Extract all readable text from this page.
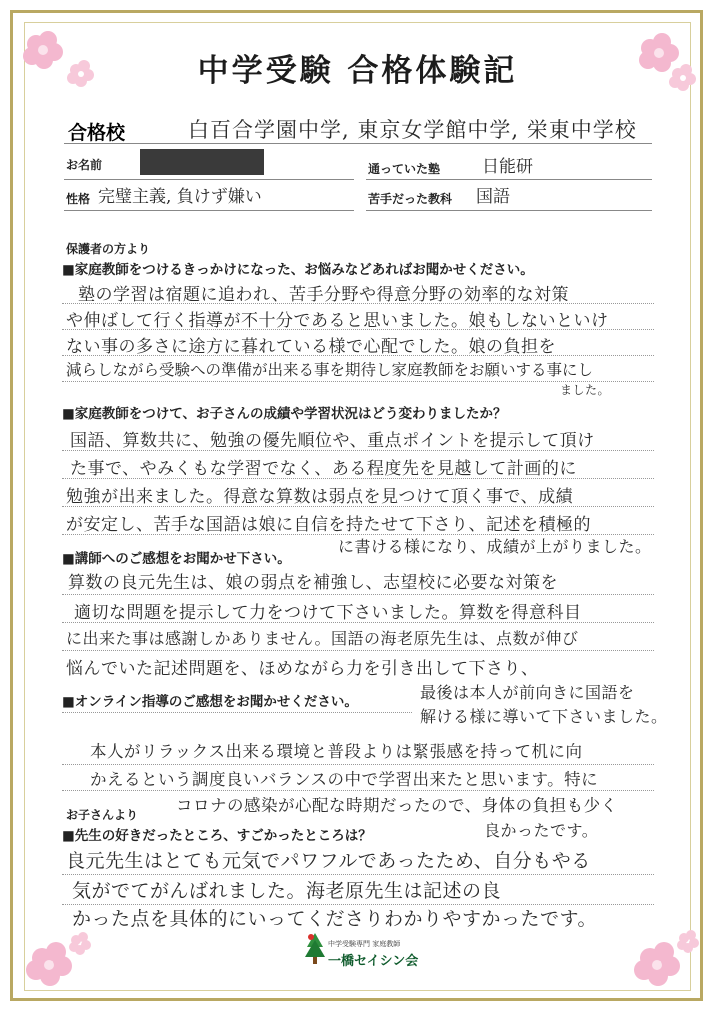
中学受験 合格体験記
合格校	白百合学園中学, 東京女学館中学, 栄東中学校
お名前	通っていた塾 日能研
性格 完璧主義, 負けず嫌い	苦手だった教科 国語
保護者の方より
■家庭教師をつけるきっかけになった、お悩みなどあればお聞かせください。
塾の学習は宿題に追われ、苦手分野や得意分野の効率的な対策
や伸ばして行く指導が不十分であると思いました。娘もしないといけ
ない事の多さに途方に暮れている様で心配でした。娘の負担を
減らしながら受験への準備が出来る事を期待し家庭教師をお願いする事にし
ました。
■家庭教師をつけて、お子さんの成績や学習状況はどう変わりましたか？
国語、算数共に、勉強の優先順位や、重点ポイントを提示して頂け
た事で、やみくもな学習でなく、ある程度先を見越して計画的に
勉強が出来ました。得意な算数は弱点を見つけて頂く事で、成績
が安定し、苦手な国語は娘に自信を持たせて下さり、記述を積極的
に書ける様になり、成績が上がりました。
■講師へのご感想をお聞かせ下さい。
算数の良元先生は、娘の弱点を補強し、志望校に必要な対策を
適切な問題を提示して力をつけて下さいました。算数を得意科目
に出来た事は感謝しかありません。国語の海老原先生は、点数が伸び
悩んでいた記述問題を、ほめながら力を引き出して下さり、
最後は本人が前向きに国語を
解ける様に導いて下さいました。
■オンライン指導のご感想をお聞かせください。
本人がリラックス出来る環境と普段よりは緊張感を持って机に向
かえるという調度良いバランスの中で学習出来たと思います。特に
コロナの感染が心配な時期だったので、身体の負担も少く
良かったです。
お子さんより
■先生の好きだったところ、すごかったところは？
良元先生はとても元気でパワフルであったため、自分もやる
気がでてがんばれました。海老原先生は記述の良
かった点を具体的にいってくださりわかりやすかったです。
中学受験専門 家庭教師
一橋セイシン会
